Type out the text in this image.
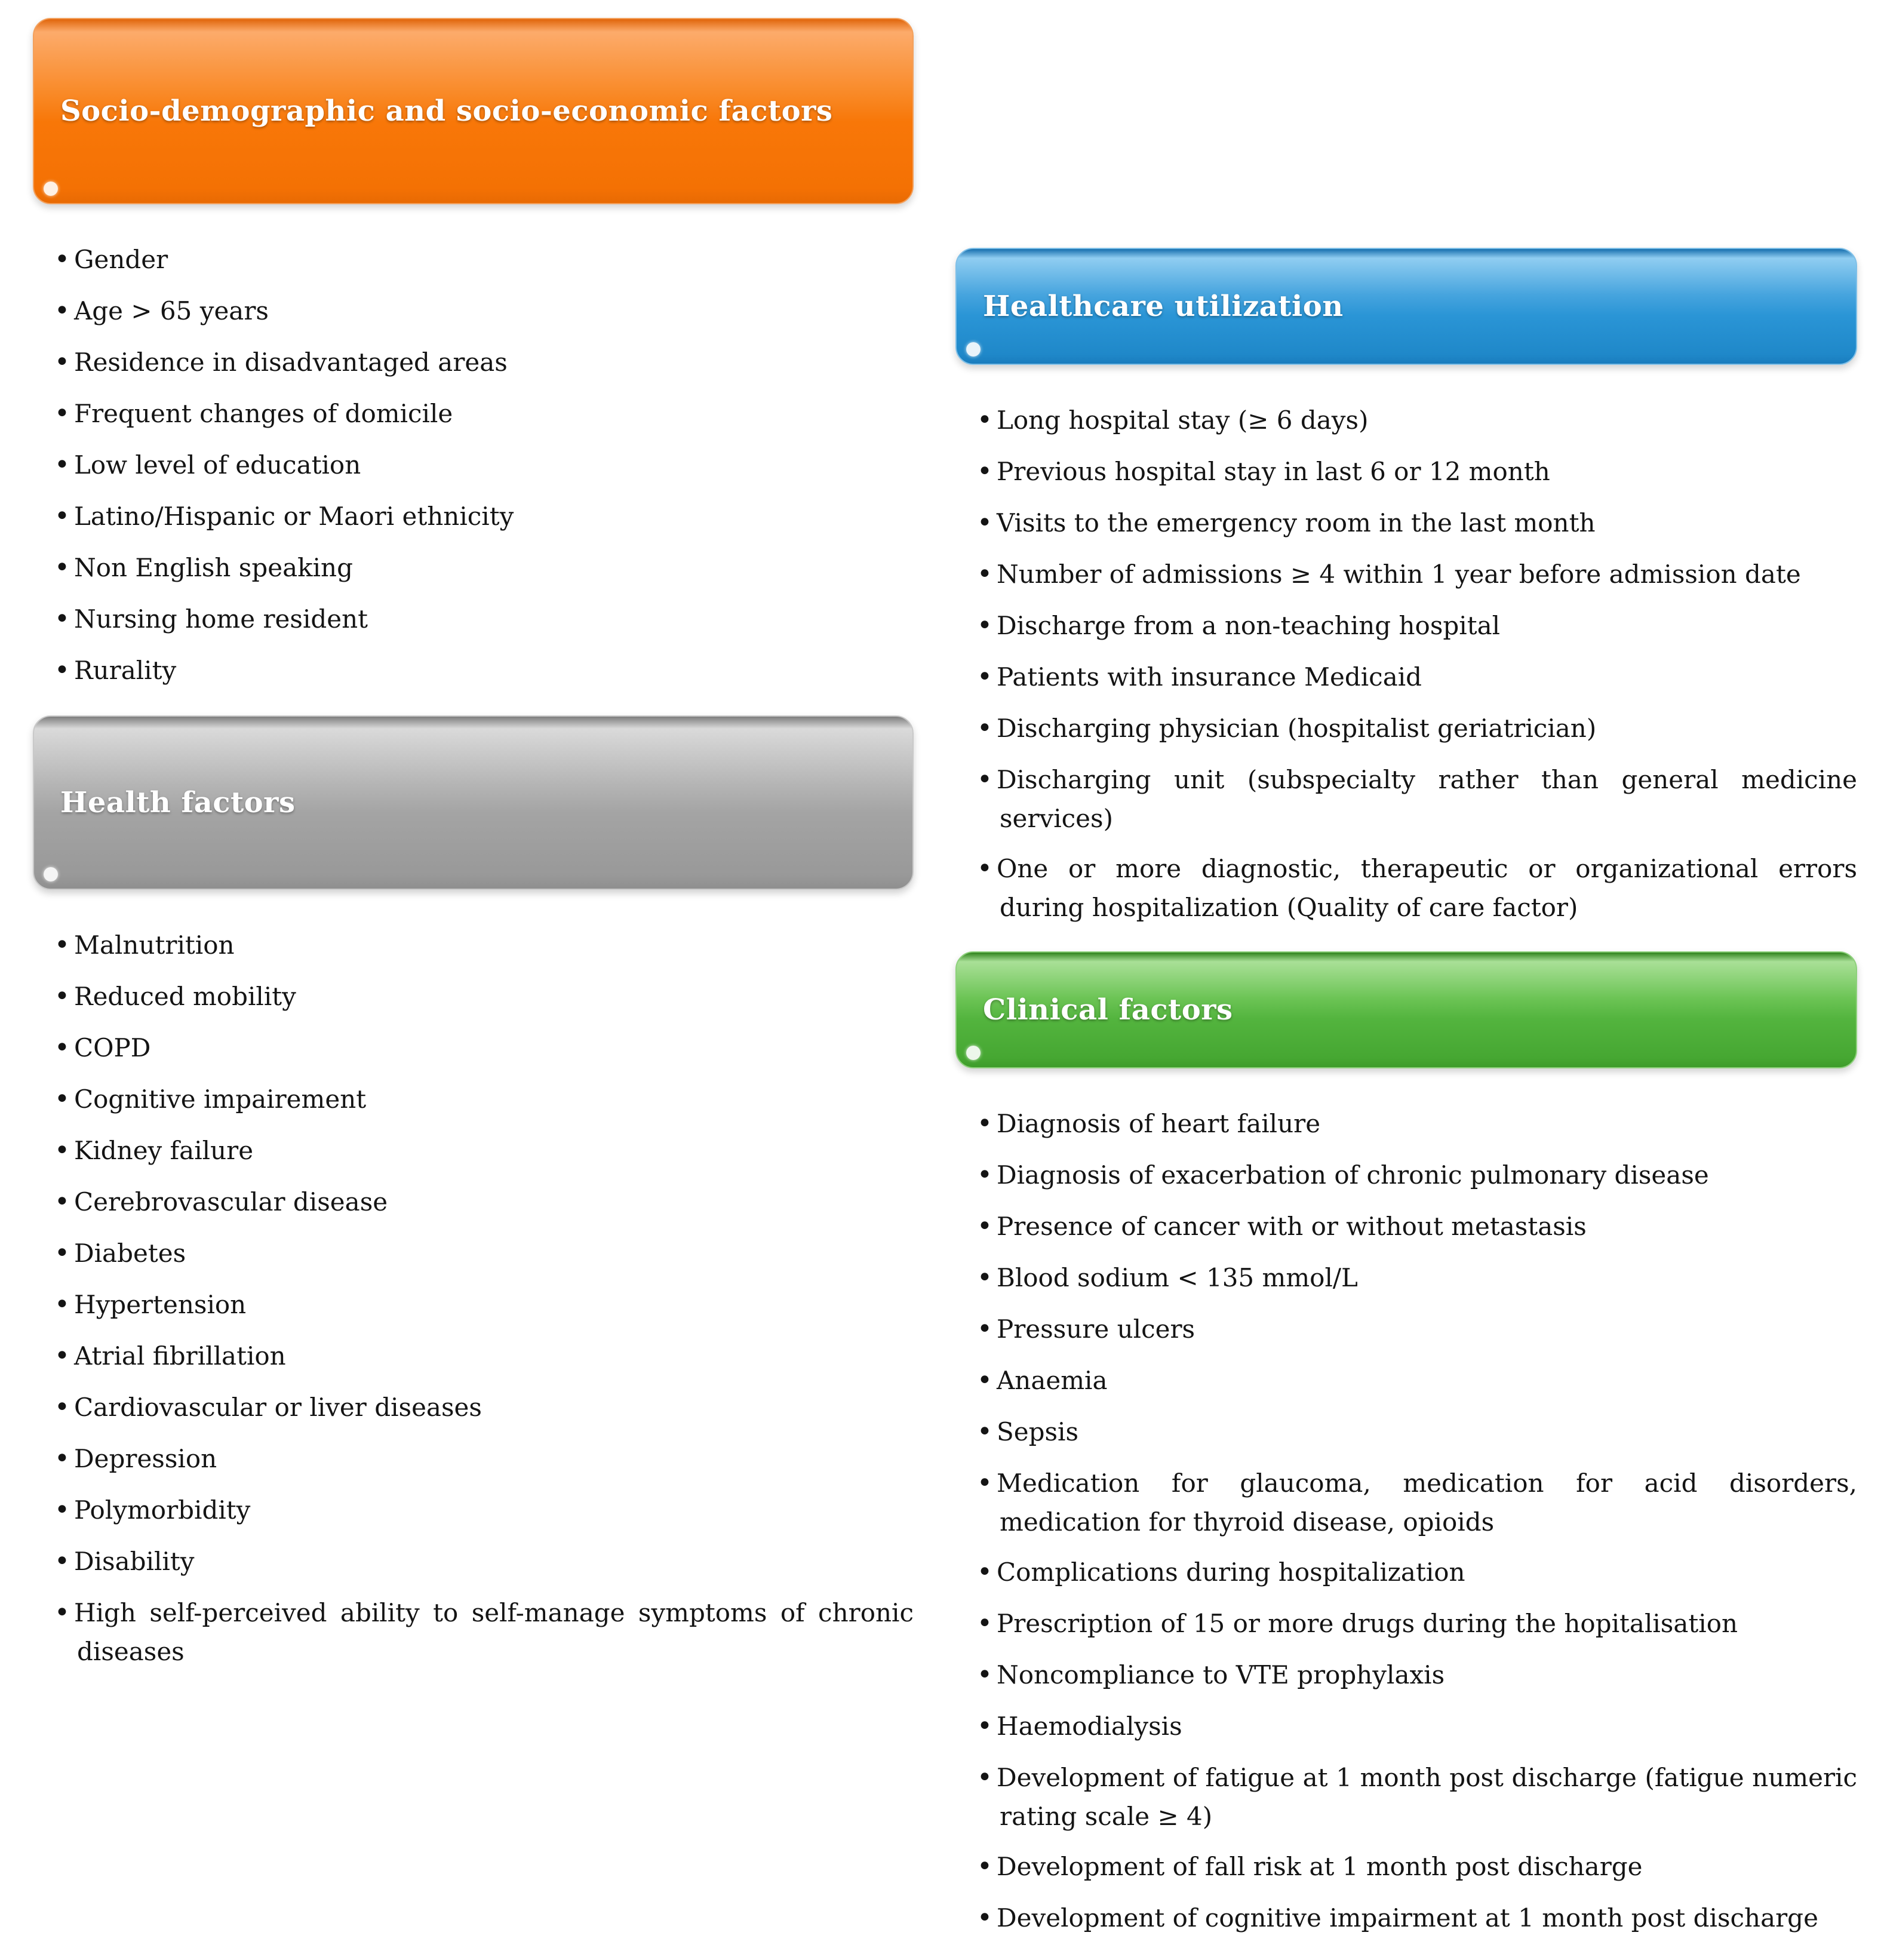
Socio-demographic and socio-economic factors
• Gender
• Age > 65 years
• Residence in disadvantaged areas
• Frequent changes of domicile
• Low level of education
• Latino/Hispanic or Maori ethnicity
• Non English speaking
• Nursing home resident
• Rurality
Health factors
• Malnutrition
• Reduced mobility
• COPD
• Cognitive impairement
• Kidney failure
• Cerebrovascular disease
• Diabetes
• Hypertension
• Atrial fibrillation
• Cardiovascular or liver diseases
• Depression
• Polymorbidity
• Disability
• High self-perceived ability to self-manage symptoms of chronic diseases
Healthcare utilization
• Long hospital stay (≥ 6 days)
• Previous hospital stay in last 6 or 12 month
• Visits to the emergency room in the last month
• Number of admissions ≥ 4 within 1 year before admission date
• Discharge from a non-teaching hospital
• Patients with insurance Medicaid
• Discharging physician (hospitalist geriatrician)
• Discharging unit (subspecialty rather than general medicine services)
• One or more diagnostic, therapeutic or organizational errors during hospitalization (Quality of care factor)
Clinical factors
• Diagnosis of heart failure
• Diagnosis of exacerbation of chronic pulmonary disease
• Presence of cancer with or without metastasis
• Blood sodium < 135 mmol/L
• Pressure ulcers
• Anaemia
• Sepsis
• Medication for glaucoma, medication for acid disorders, medication for thyroid disease, opioids
• Complications during hospitalization
• Prescription of 15 or more drugs during the hopitalisation
• Noncompliance to VTE prophylaxis
• Haemodialysis
• Development of fatigue at 1 month post discharge (fatigue numeric rating scale ≥ 4)
• Development of fall risk at 1 month post discharge
• Development of cognitive impairment at 1 month post discharge
